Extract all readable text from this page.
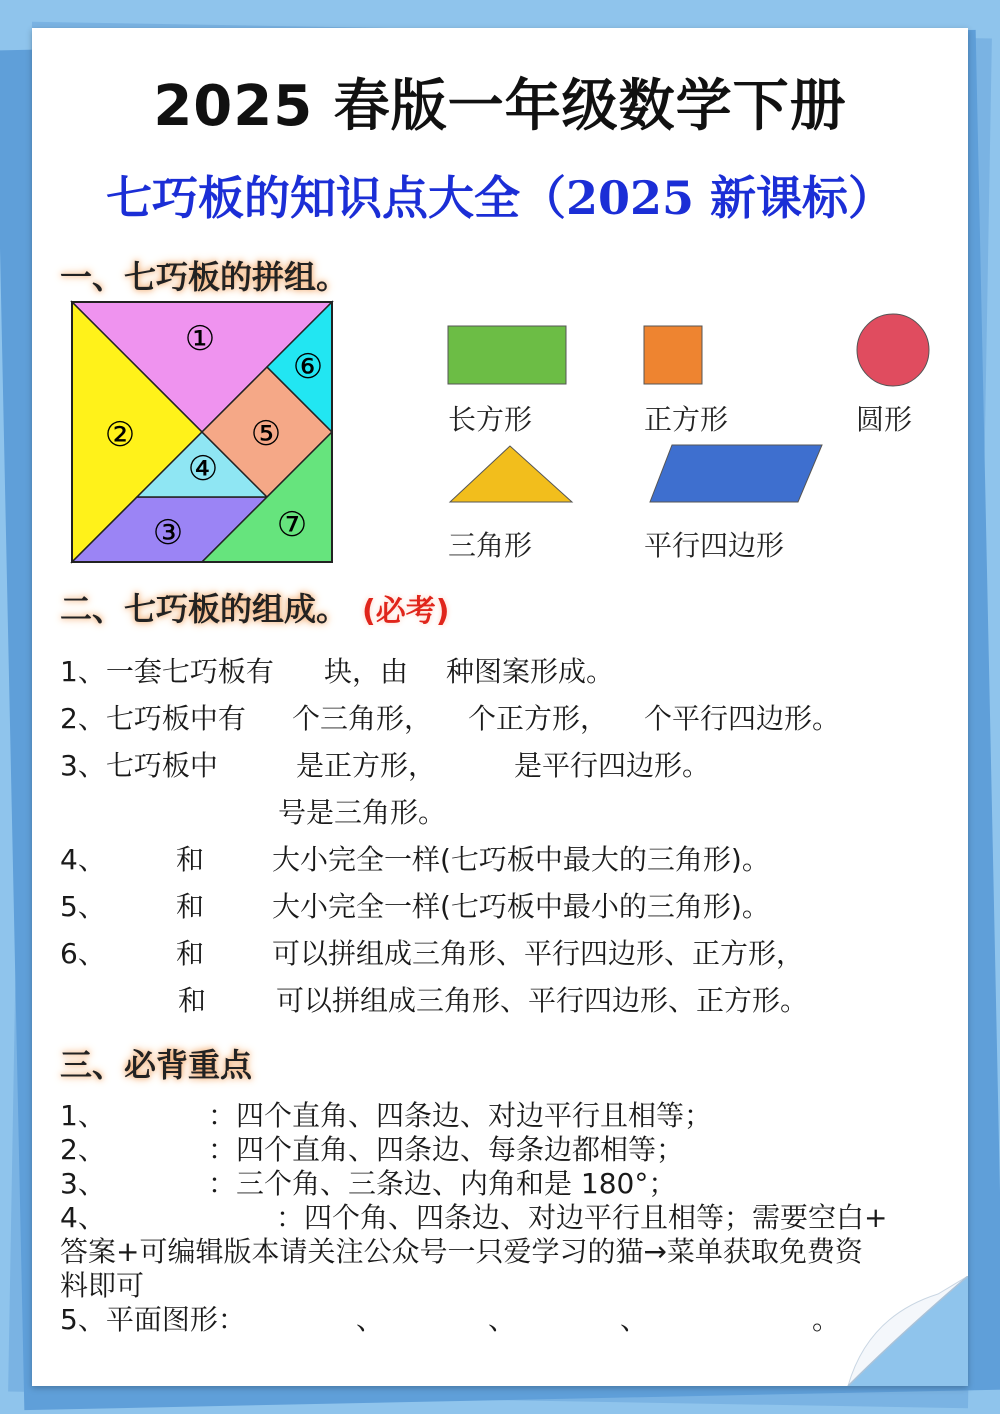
2025 春版一年级数学下册
七巧板的知识点大全（2025 新课标）
一、七巧板的拼组。
①
②
③
④
⑤
⑥
⑦
长方形	正方形	圆形
三角形	平行四边形
二、七巧板的组成。 (必考)
1、一套七巧板有 块，由 种图案形成。
2、七巧板中有 个三角形， 个正方形， 个平行四边形。
3、七巧板中	是正方形，	是平行四边形。
号是三角形。
4、	和 大小完全一样(七巧板中最大的三角形)。
5、	和 大小完全一样(七巧板中最小的三角形)。
6、	和 可以拼组成三角形、平行四边形、正方形，
和 可以拼组成三角形、平行四边形、正方形。
三、必背重点
1、	：四个直角、四条边、对边平行且相等；
2、	：四个直角、四条边、每条边都相等；
3、	：三个角、三条边、内角和是 180°；
4、	：四个角、四条边、对边平行且相等；需要空白+
答案+可编辑版本请关注公众号一只爱学习的猫→菜单获取免费资
料即可
5、平面图形：	、	、	、	。
